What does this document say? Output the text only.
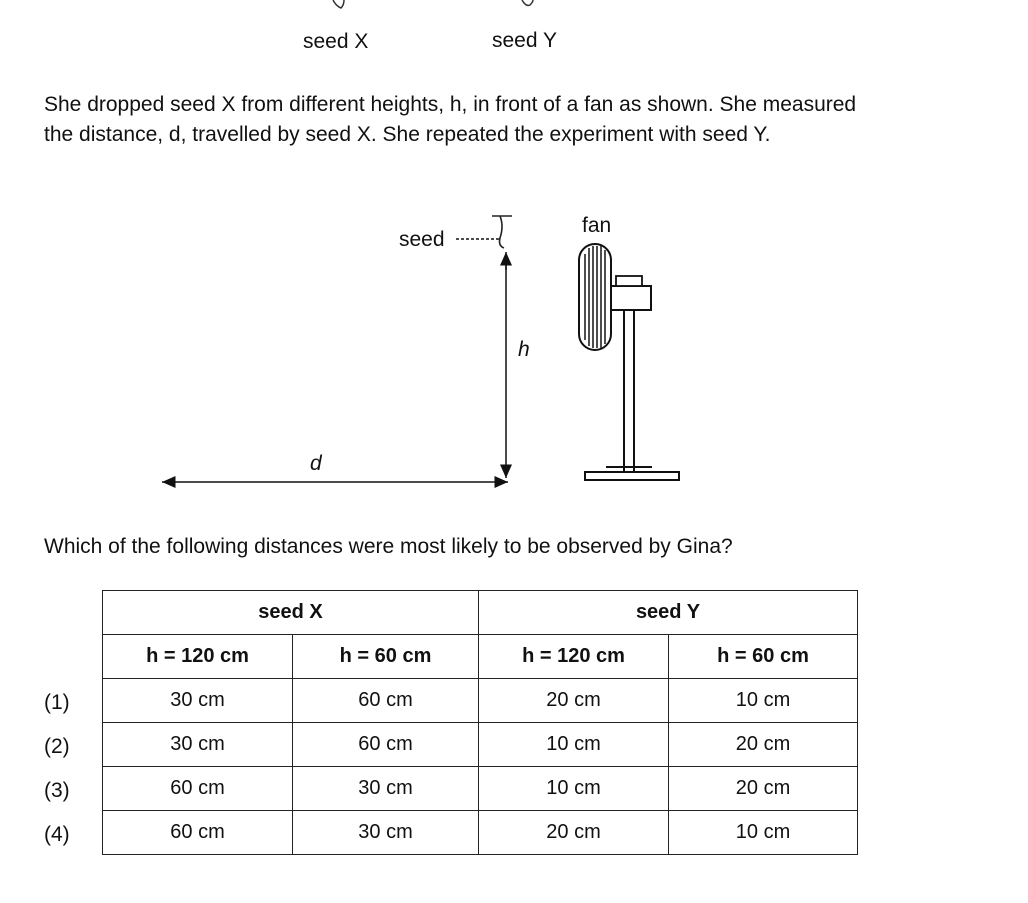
seed X	seed Y

She dropped seed X from different heights, h, in front of a fan as shown. She measured the distance, d, travelled by seed X. She repeated the experiment with seed Y.

seed
h
d
fan

Which of the following distances were most likely to be observed by Gina?

(1)
(2)
(3)
(4)
seed X		seed Y	
h = 120 cm	h = 60 cm	h = 120 cm	h = 60 cm
30 cm	60 cm	20 cm	10 cm
30 cm	60 cm	10 cm	20 cm
60 cm	30 cm	10 cm	20 cm
60 cm	30 cm	20 cm	10 cm
